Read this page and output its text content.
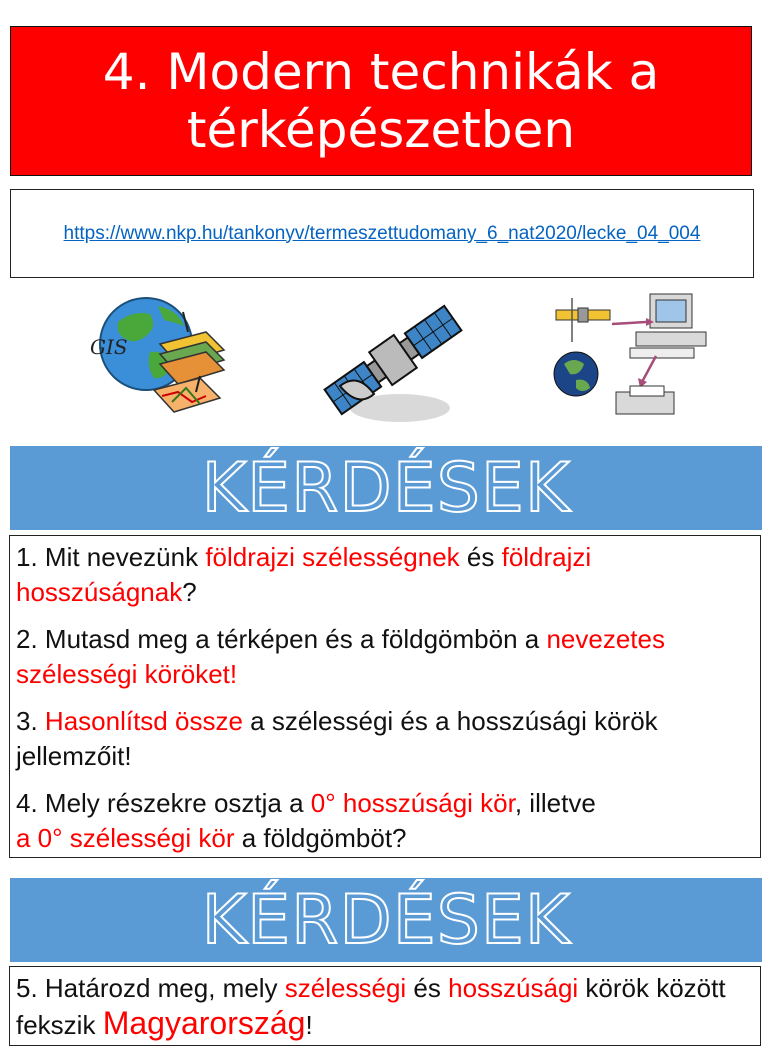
4. Modern technikák a
térképészetben
https://www.nkp.hu/tankonyv/termeszettudomany_6_nat2020/lecke_04_004
GIS
KÉRDÉSEK

1. Mit nevezünk földrajzi szélességnek és földrajzi hosszúságnak?

2. Mutasd meg a térképen és a földgömbön a nevezetes szélességi köröket!

3. Hasonlítsd össze a szélességi és a hosszúsági körök jellemzőit!

4. Mely részekre osztja a 0° hosszúsági kör, illetve
a 0° szélességi kör a földgömböt?

KÉRDÉSEK

5. Határozd meg, mely szélességi és hosszúsági körök között fekszik Magyarország!
